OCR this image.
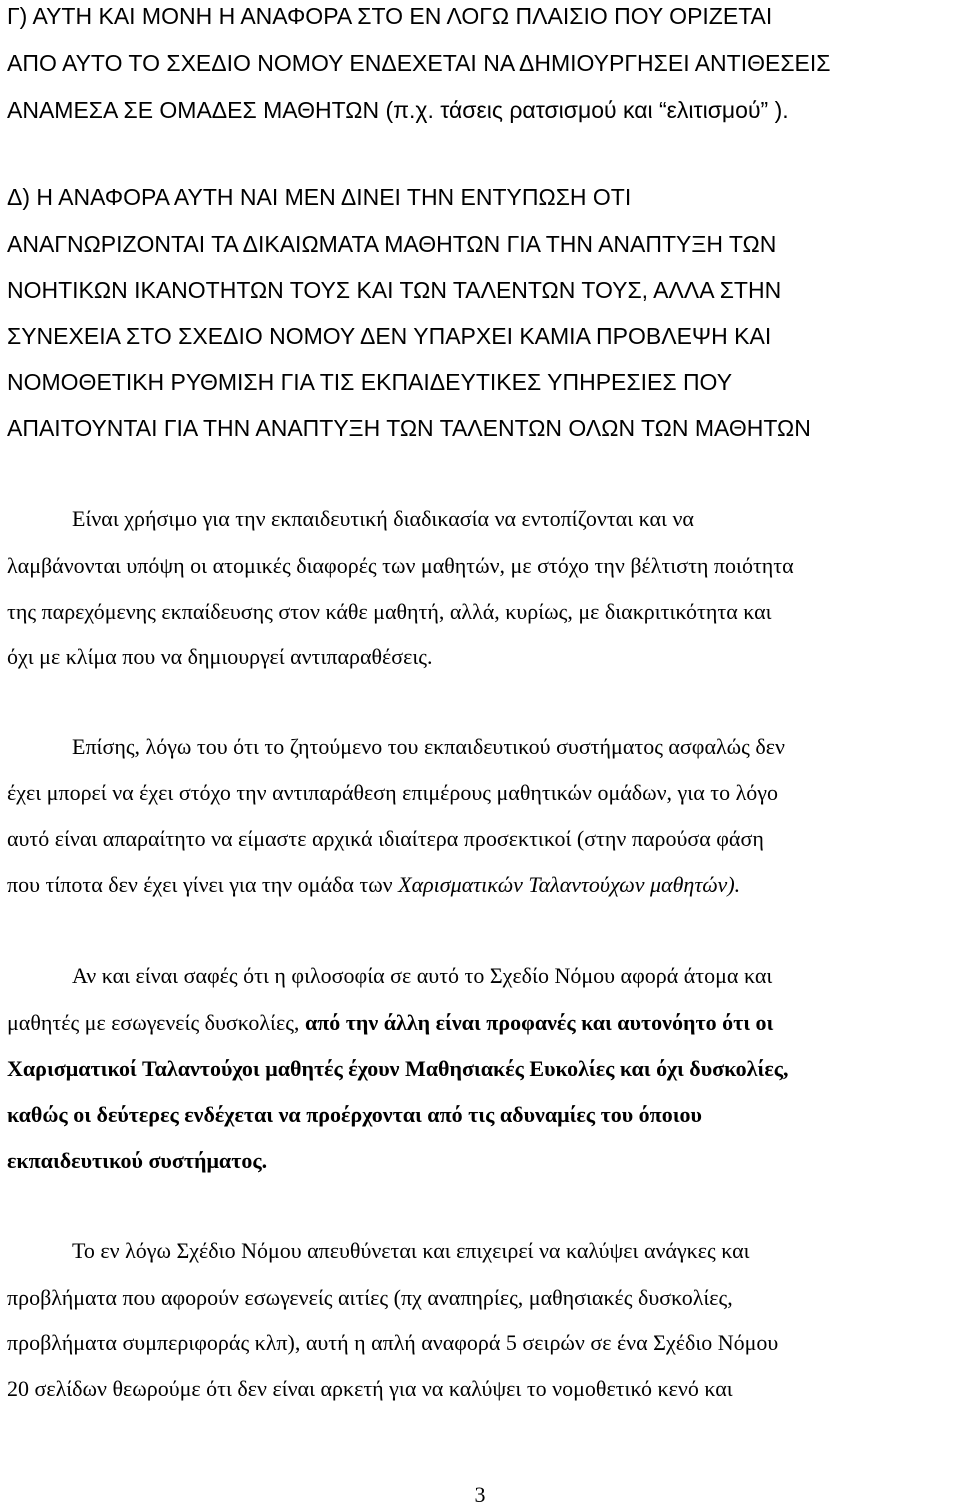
Γ) ΑΥΤΗ ΚΑΙ ΜΟΝΗ Η ΑΝΑΦΟΡΑ ΣΤΟ ΕΝ ΛΟΓΩ ΠΛΑΙΣΙΟ ΠΟΥ ΟΡΙΖΕΤΑΙ
ΑΠΟ ΑΥΤΟ ΤΟ ΣΧΕΔΙΟ ΝΟΜΟΥ ΕΝΔΕΧΕΤΑΙ ΝΑ ΔΗΜΙΟΥΡΓΗΣΕΙ ΑΝΤΙΘΕΣΕΙΣ
ΑΝΑΜΕΣΑ ΣΕ ΟΜΑΔΕΣ ΜΑΘΗΤΩΝ (π.χ. τάσεις ρατσισμού και “ελιτισμού” ).
Δ) Η ΑΝΑΦΟΡΑ ΑΥΤΗ ΝΑΙ ΜΕΝ ΔΙΝΕΙ ΤΗΝ ΕΝΤΥΠΩΣΗ ΟΤΙ
ΑΝΑΓΝΩΡΙΖΟΝΤΑΙ ΤΑ ΔΙΚΑΙΩΜΑΤΑ ΜΑΘΗΤΩΝ ΓΙΑ ΤΗΝ ΑΝΑΠΤΥΞΗ ΤΩΝ
ΝΟΗΤΙΚΩΝ ΙΚΑΝΟΤΗΤΩΝ ΤΟΥΣ ΚΑΙ ΤΩΝ ΤΑΛΕΝΤΩΝ ΤΟΥΣ, ΑΛΛΑ ΣΤΗΝ
ΣΥΝΕΧΕΙΑ ΣΤΟ ΣΧΕΔΙΟ ΝΟΜΟΥ ΔΕΝ ΥΠΑΡΧΕΙ ΚΑΜΙΑ ΠΡΟΒΛΕΨΗ ΚΑΙ
ΝΟΜΟΘΕΤΙΚΗ ΡΥΘΜΙΣΗ ΓΙΑ ΤΙΣ ΕΚΠΑΙΔΕΥΤΙΚΕΣ ΥΠΗΡΕΣΙΕΣ ΠΟΥ
ΑΠΑΙΤΟΥΝΤΑΙ ΓΙΑ ΤΗΝ ΑΝΑΠΤΥΞΗ ΤΩΝ ΤΑΛΕΝΤΩΝ ΟΛΩΝ ΤΩΝ ΜΑΘΗΤΩΝ
Είναι χρήσιμο για την εκπαιδευτική διαδικασία να εντοπίζονται και να
λαμβάνονται υπόψη οι ατομικές διαφορές των μαθητών, με στόχο την βέλτιστη ποιότητα
της παρεχόμενης εκπαίδευσης στον κάθε μαθητή, αλλά, κυρίως, με διακριτικότητα και
όχι με κλίμα που να δημιουργεί αντιπαραθέσεις.
Επίσης, λόγω του ότι το ζητούμενο του εκπαιδευτικού συστήματος ασφαλώς δεν
έχει μπορεί να έχει στόχο την αντιπαράθεση επιμέρους μαθητικών ομάδων, για το λόγο
αυτό είναι απαραίτητο να είμαστε αρχικά ιδιαίτερα προσεκτικοί (στην παρούσα φάση
που τίποτα δεν έχει γίνει για την ομάδα των Χαρισματικών Ταλαντούχων μαθητών).
Αν και είναι σαφές ότι η φιλοσοφία σε αυτό το Σχεδίο Νόμου αφορά άτομα και
μαθητές με εσωγενείς δυσκολίες, από την άλλη είναι προφανές και αυτονόητο ότι οι
Χαρισματικοί Ταλαντούχοι μαθητές έχουν Μαθησιακές Ευκολίες και όχι δυσκολίες,
καθώς οι δεύτερες ενδέχεται να προέρχονται από τις αδυναμίες του όποιου
εκπαιδευτικού συστήματος.
Το εν λόγω Σχέδιο Νόμου απευθύνεται και επιχειρεί να καλύψει ανάγκες και
προβλήματα που αφορούν εσωγενείς αιτίες (πχ αναπηρίες, μαθησιακές δυσκολίες,
προβλήματα συμπεριφοράς κλπ), αυτή η απλή αναφορά 5 σειρών σε ένα Σχέδιο Νόμου
20 σελίδων θεωρούμε ότι δεν είναι αρκετή για να καλύψει το νομοθετικό κενό και
3
